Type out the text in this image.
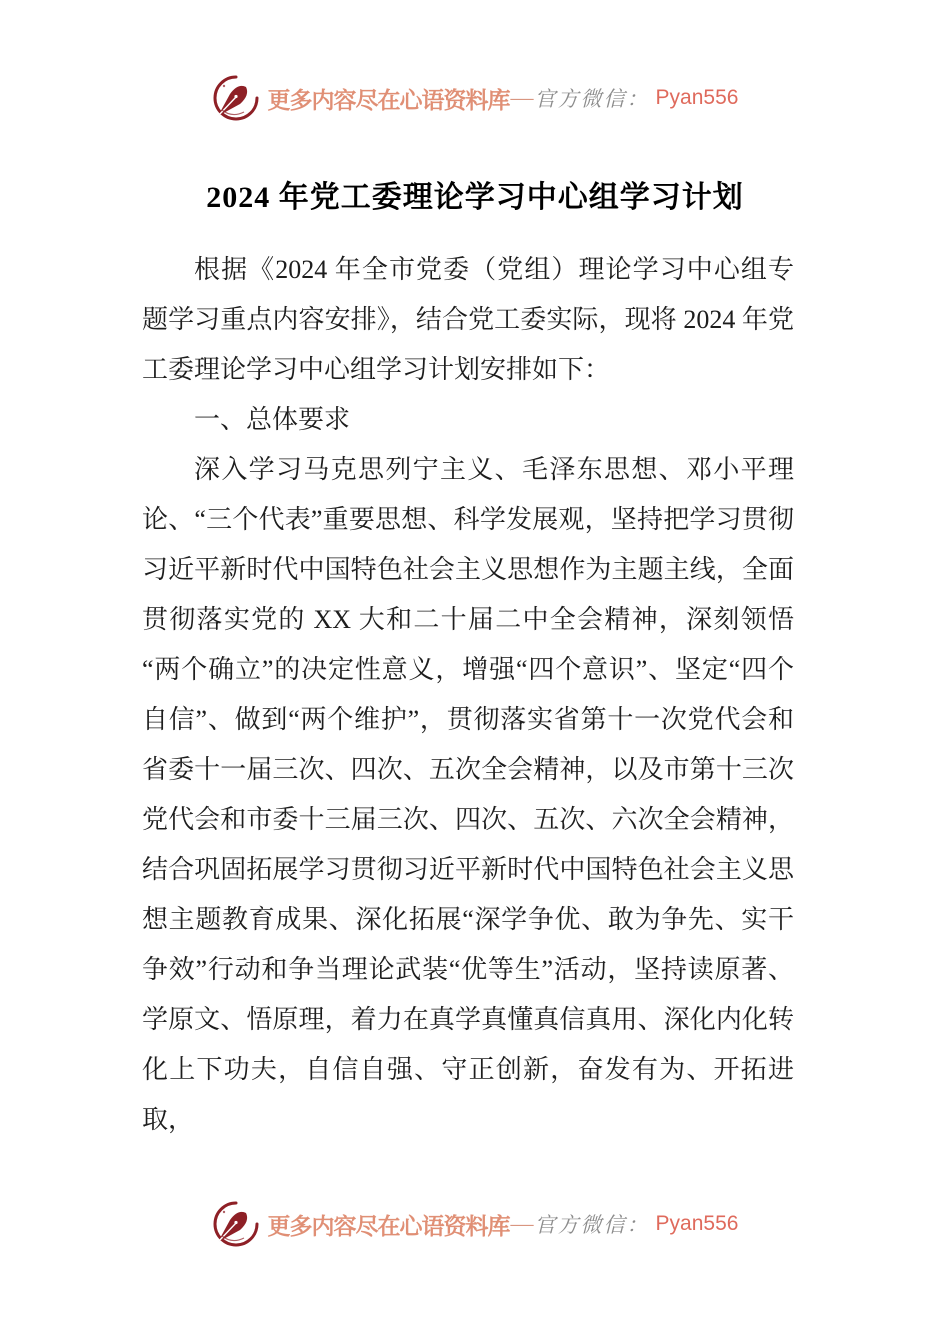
更多内容尽在心语资料库 — 官方微信： Pyan556
2024 年党工委理论学习中心组学习计划

根据《2024 年全市党委（党组）理论学习中心组专题学习重点内容安排》，结合党工委实际，现将 2024 年党工委理论学习中心组学习计划安排如下：

一、总体要求

深入学习马克思列宁主义、毛泽东思想、邓小平理论、“三个代表”重要思想、科学发展观，坚持把学习贯彻习近平新时代中国特色社会主义思想作为主题主线，全面贯彻落实党的 XX 大和二十届二中全会精神，深刻领悟“两个确立”的决定性意义，增强“四个意识”、坚定“四个自信”、做到“两个维护”，贯彻落实省第十一次党代会和省委十一届三次、四次、五次全会精神，以及市第十三次党代会和市委十三届三次、四次、五次、六次全会精神，结合巩固拓展学习贯彻习近平新时代中国特色社会主义思想主题教育成果、深化拓展“深学争优、敢为争先、实干争效”行动和争当理论武装“优等生”活动，坚持读原著、学原文、悟原理，着力在真学真懂真信真用、深化内化转化上下功夫，自信自强、守正创新，奋发有为、开拓进取，

更多内容尽在心语资料库 — 官方微信： Pyan556
